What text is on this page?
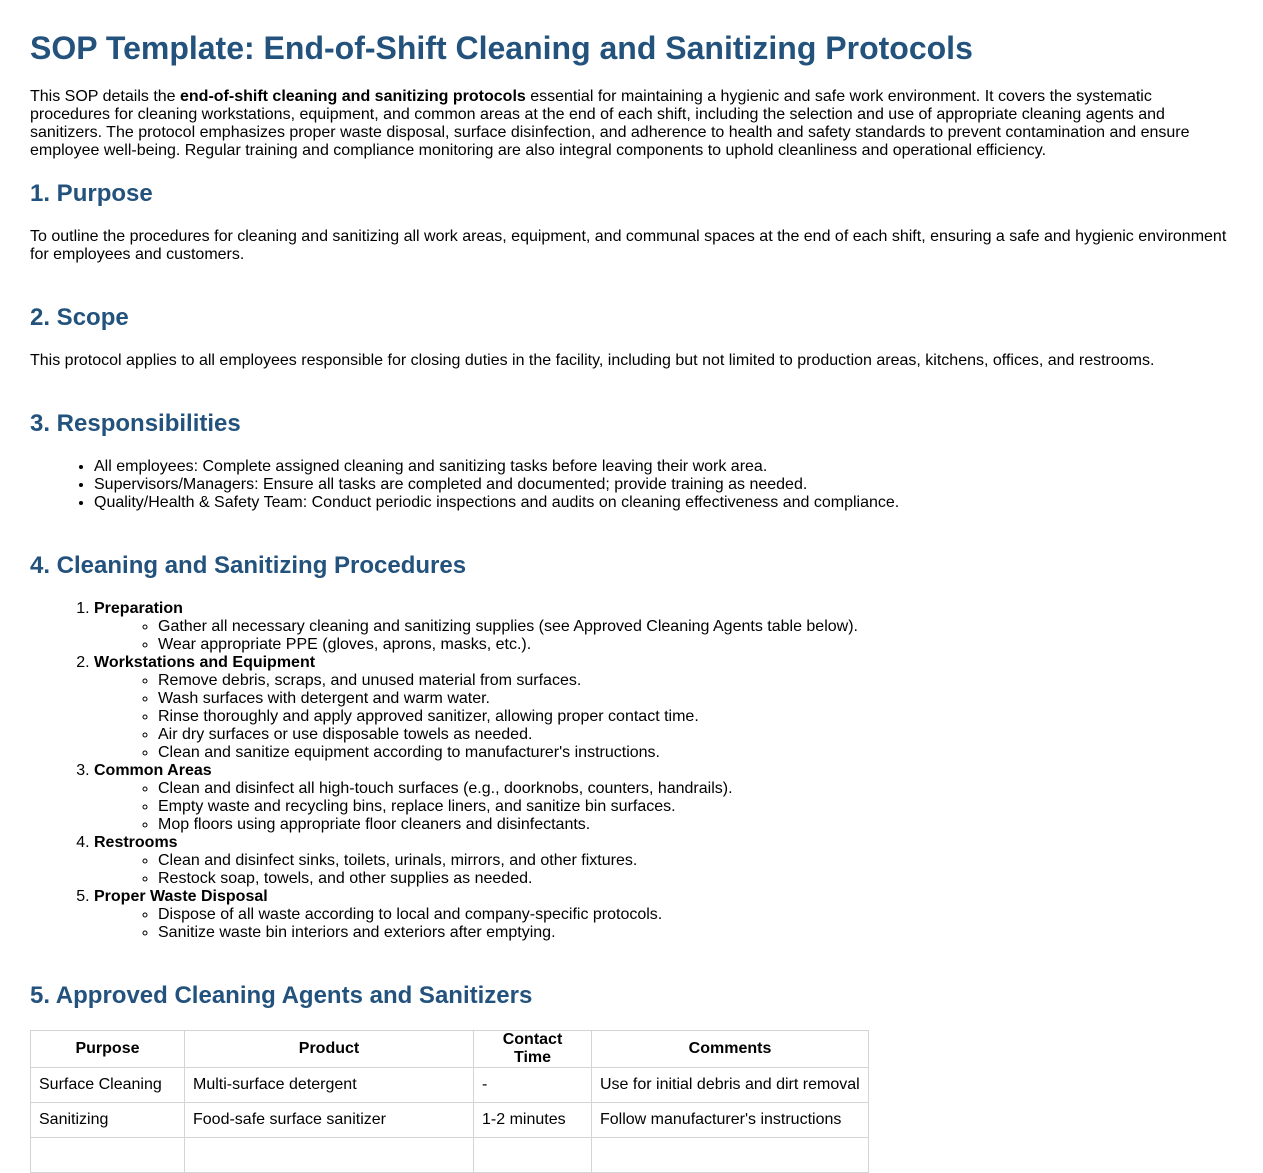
SOP Template: End-of-Shift Cleaning and Sanitizing Protocols

This SOP details the end-of-shift cleaning and sanitizing protocols essential for maintaining a hygienic and safe work environment. It covers the systematic procedures for cleaning workstations, equipment, and common areas at the end of each shift, including the selection and use of appropriate cleaning agents and sanitizers. The protocol emphasizes proper waste disposal, surface disinfection, and adherence to health and safety standards to prevent contamination and ensure employee well-being. Regular training and compliance monitoring are also integral components to uphold cleanliness and operational efficiency.

1. Purpose

To outline the procedures for cleaning and sanitizing all work areas, equipment, and communal spaces at the end of each shift, ensuring a safe and hygienic environment for employees and customers.

2. Scope

This protocol applies to all employees responsible for closing duties in the facility, including but not limited to production areas, kitchens, offices, and restrooms.

3. Responsibilities
• All employees: Complete assigned cleaning and sanitizing tasks before leaving their work area.
• Supervisors/Managers: Ensure all tasks are completed and documented; provide training as needed.
• Quality/Health & Safety Team: Conduct periodic inspections and audits on cleaning effectiveness and compliance.
4. Cleaning and Sanitizing Procedures
1. Preparation
◦ Gather all necessary cleaning and sanitizing supplies (see Approved Cleaning Agents table below).
◦ Wear appropriate PPE (gloves, aprons, masks, etc.).
2. Workstations and Equipment
◦ Remove debris, scraps, and unused material from surfaces.
◦ Wash surfaces with detergent and warm water.
◦ Rinse thoroughly and apply approved sanitizer, allowing proper contact time.
◦ Air dry surfaces or use disposable towels as needed.
◦ Clean and sanitize equipment according to manufacturer's instructions.
3. Common Areas
◦ Clean and disinfect all high-touch surfaces (e.g., doorknobs, counters, handrails).
◦ Empty waste and recycling bins, replace liners, and sanitize bin surfaces.
◦ Mop floors using appropriate floor cleaners and disinfectants.
4. Restrooms
◦ Clean and disinfect sinks, toilets, urinals, mirrors, and other fixtures.
◦ Restock soap, towels, and other supplies as needed.
5. Proper Waste Disposal
◦ Dispose of all waste according to local and company-specific protocols.
◦ Sanitize waste bin interiors and exteriors after emptying.
5. Approved Cleaning Agents and Sanitizers
Purpose	Product	Contact Time	Comments
Surface Cleaning	Multi-surface detergent	-	Use for initial debris and dirt removal
Sanitizing	Food-safe surface sanitizer	1-2 minutes	Follow manufacturer's instructions
